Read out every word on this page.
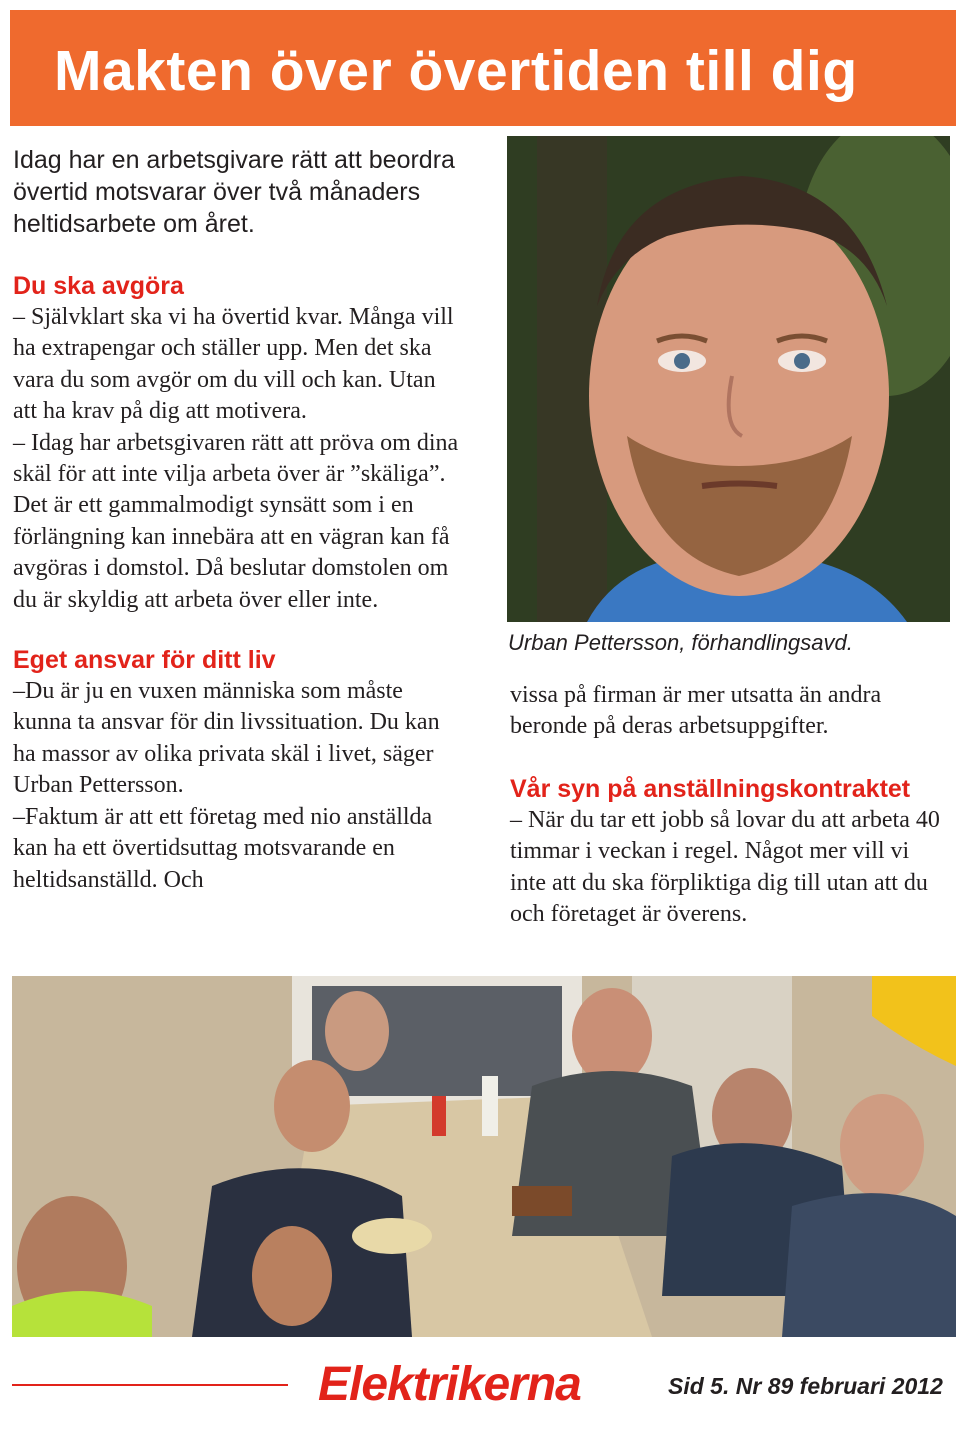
Makten över övertiden till dig
Idag har en arbetsgivare rätt att beordra övertid motsvarar över två månaders heltidsarbete om året.
Du ska avgöra

– Självklart ska vi ha övertid kvar. Många vill ha extrapengar och ställer upp. Men det ska vara du som avgör om du vill och kan. Utan att ha krav på dig att motivera.

– Idag har arbetsgivaren rätt att pröva om dina skäl för att inte vilja arbeta över är ”skäliga”. Det är ett gammalmodigt synsätt som i en förlängning kan innebära att en vägran kan få avgöras i domstol. Då beslutar domstolen om du är skyldig att arbeta över eller inte.

Eget ansvar för ditt liv

–Du är ju en vuxen människa som måste kunna ta ansvar för din livssituation. Du kan ha massor av olika privata skäl i livet, säger Urban Pettersson.

–Faktum är att ett företag med nio anställda kan ha ett övertidsuttag motsvarande en heltidsanställd. Och

Urban Pettersson, förhandlingsavd.

vissa på firman är mer utsatta än andra beronde på deras arbetsuppgifter.

Vår syn på anställningskontraktet

– När du tar ett jobb så lovar du att arbeta 40 timmar i veckan i regel. Något mer vill vi inte att du ska förpliktiga dig till utan att du och företaget är överens.

Elektrikerna	Sid 5. Nr 89 februari 2012
